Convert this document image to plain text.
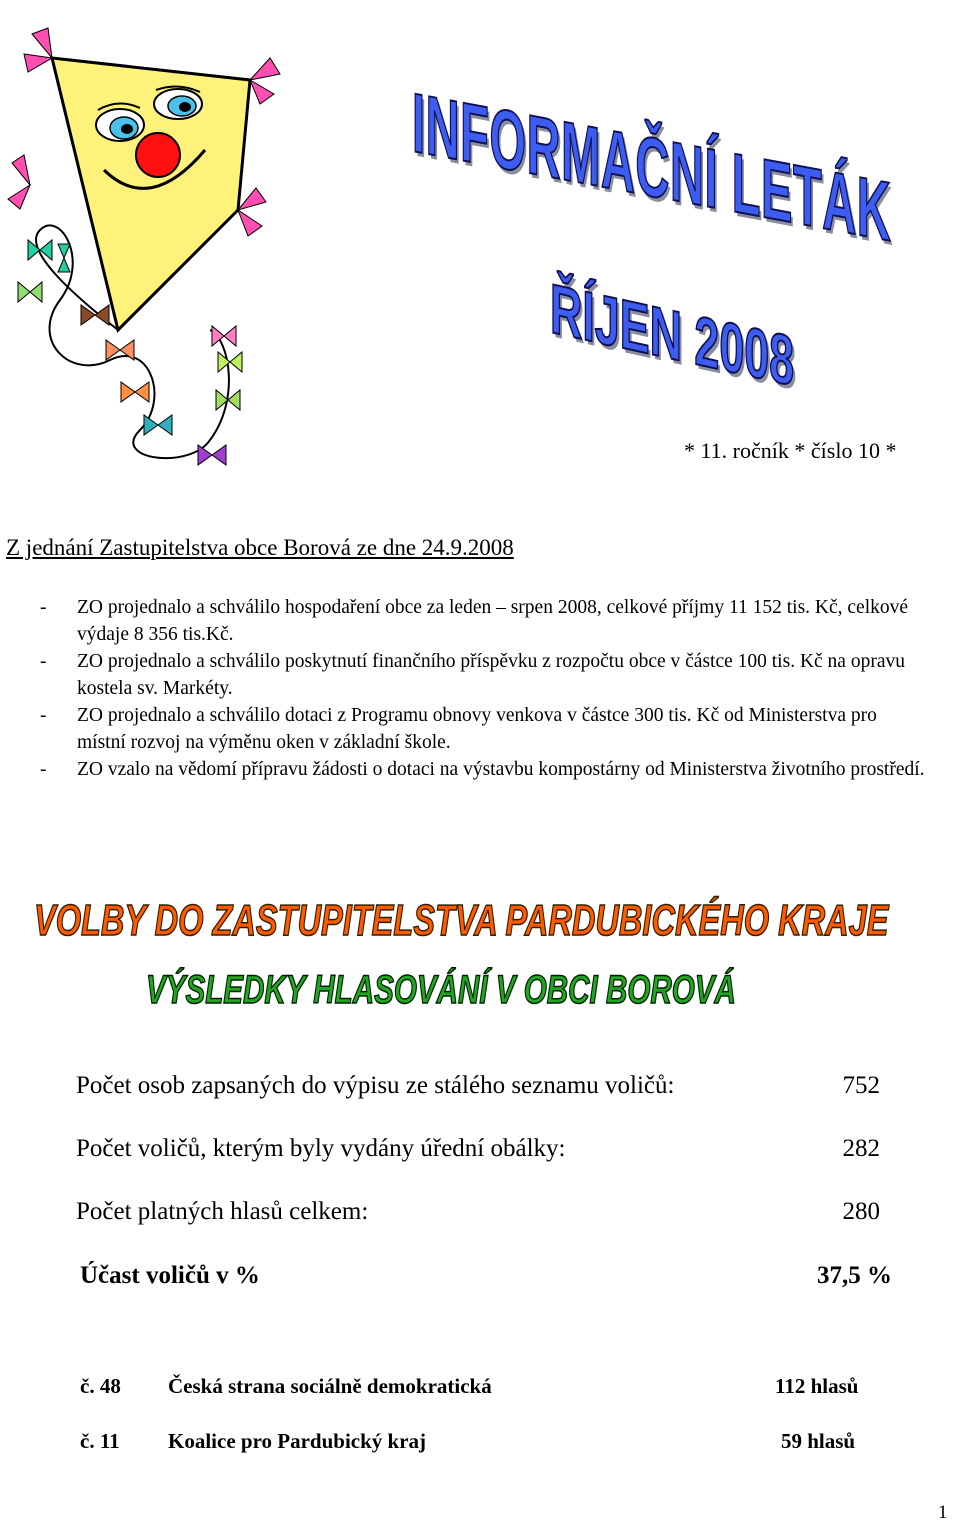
INFORMAČNÍ LETÁK
ŘÍJEN 2008
* 11. ročník * číslo 10 *
Z jednání Zastupitelstva obce Borová ze dne 24.9.2008
- ZO projednalo a schválilo hospodaření obce za leden – srpen 2008, celkové příjmy 11 152 tis. Kč, celkové výdaje 8 356 tis.Kč.
- ZO projednalo a schválilo poskytnutí finančního příspěvku z rozpočtu obce v částce 100 tis. Kč na opravu kostela sv. Markéty.
- ZO projednalo a schválilo dotaci z Programu obnovy venkova v částce 300 tis. Kč od Ministerstva pro místní rozvoj na výměnu oken v základní škole.
- ZO vzalo na vědomí přípravu žádosti o dotaci na výstavbu kompostárny od Ministerstva životního prostředí.
VOLBY DO ZASTUPITELSTVA PARDUBICKÉHO KRAJE
VÝSLEDKY HLASOVÁNÍ V OBCI BOROVÁ
Počet osob zapsaných do výpisu ze stálého seznamu voličů:	752
Počet voličů, kterým byly vydány úřední obálky:	282
Počet platných hlasů celkem:	280
Účast voličů v %	37,5 %
č. 48 Česká strana sociálně demokratická	112 hlasů
č. 11 Koalice pro Pardubický kraj	59 hlasů
1
